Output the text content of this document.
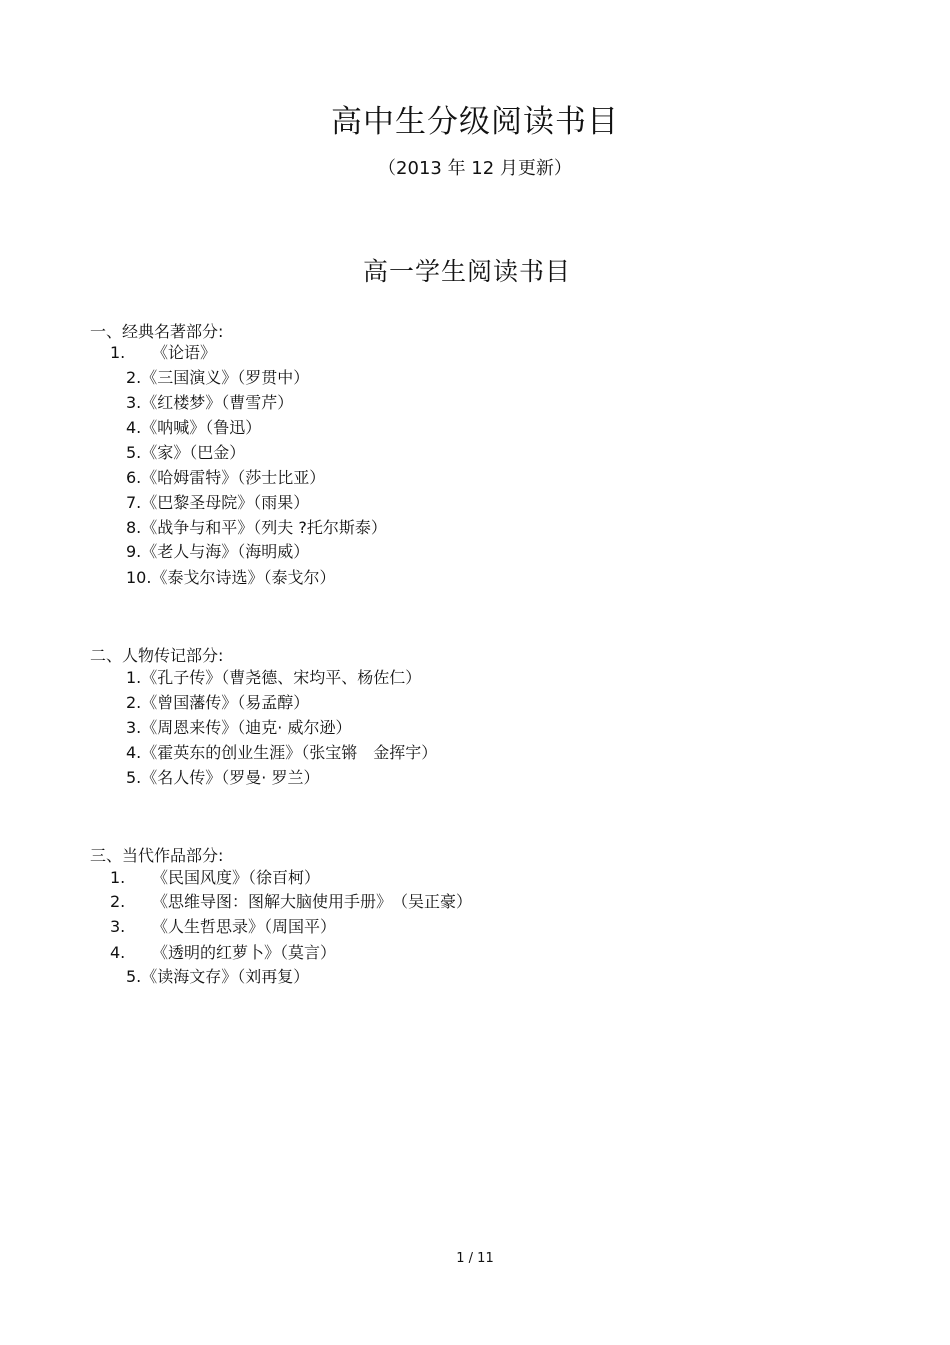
高中生分级阅读书目
（2013 年 12 月更新）
高一学生阅读书目
一、经典名著部分:
1. 《论语》
2.《三国演义》（罗贯中）
3.《红楼梦》（曹雪芹）
4.《呐喊》（鲁迅）
5.《家》（巴金）
6.《哈姆雷特》（莎士比亚）
7.《巴黎圣母院》（雨果）
8.《战争与和平》（列夫 ?托尔斯泰）
9.《老人与海》（海明威）
10.《泰戈尔诗选》（泰戈尔）
二、人物传记部分:
1.《孔子传》（曹尧德、宋均平、杨佐仁）
2.《曾国藩传》（易孟醇）
3.《周恩来传》（迪克· 威尔逊）
4.《霍英东的创业生涯》（张宝锵　金挥宇）
5.《名人传》（罗曼· 罗兰）
三、当代作品部分:
1. 《民国风度》（徐百柯）
2. 《思维导图：图解大脑使用手册》　（吴正豪）
3. 《人生哲思录》（周国平）
4. 《透明的红萝卜》（莫言）
5.《读海文存》（刘再复）
1 / 11
